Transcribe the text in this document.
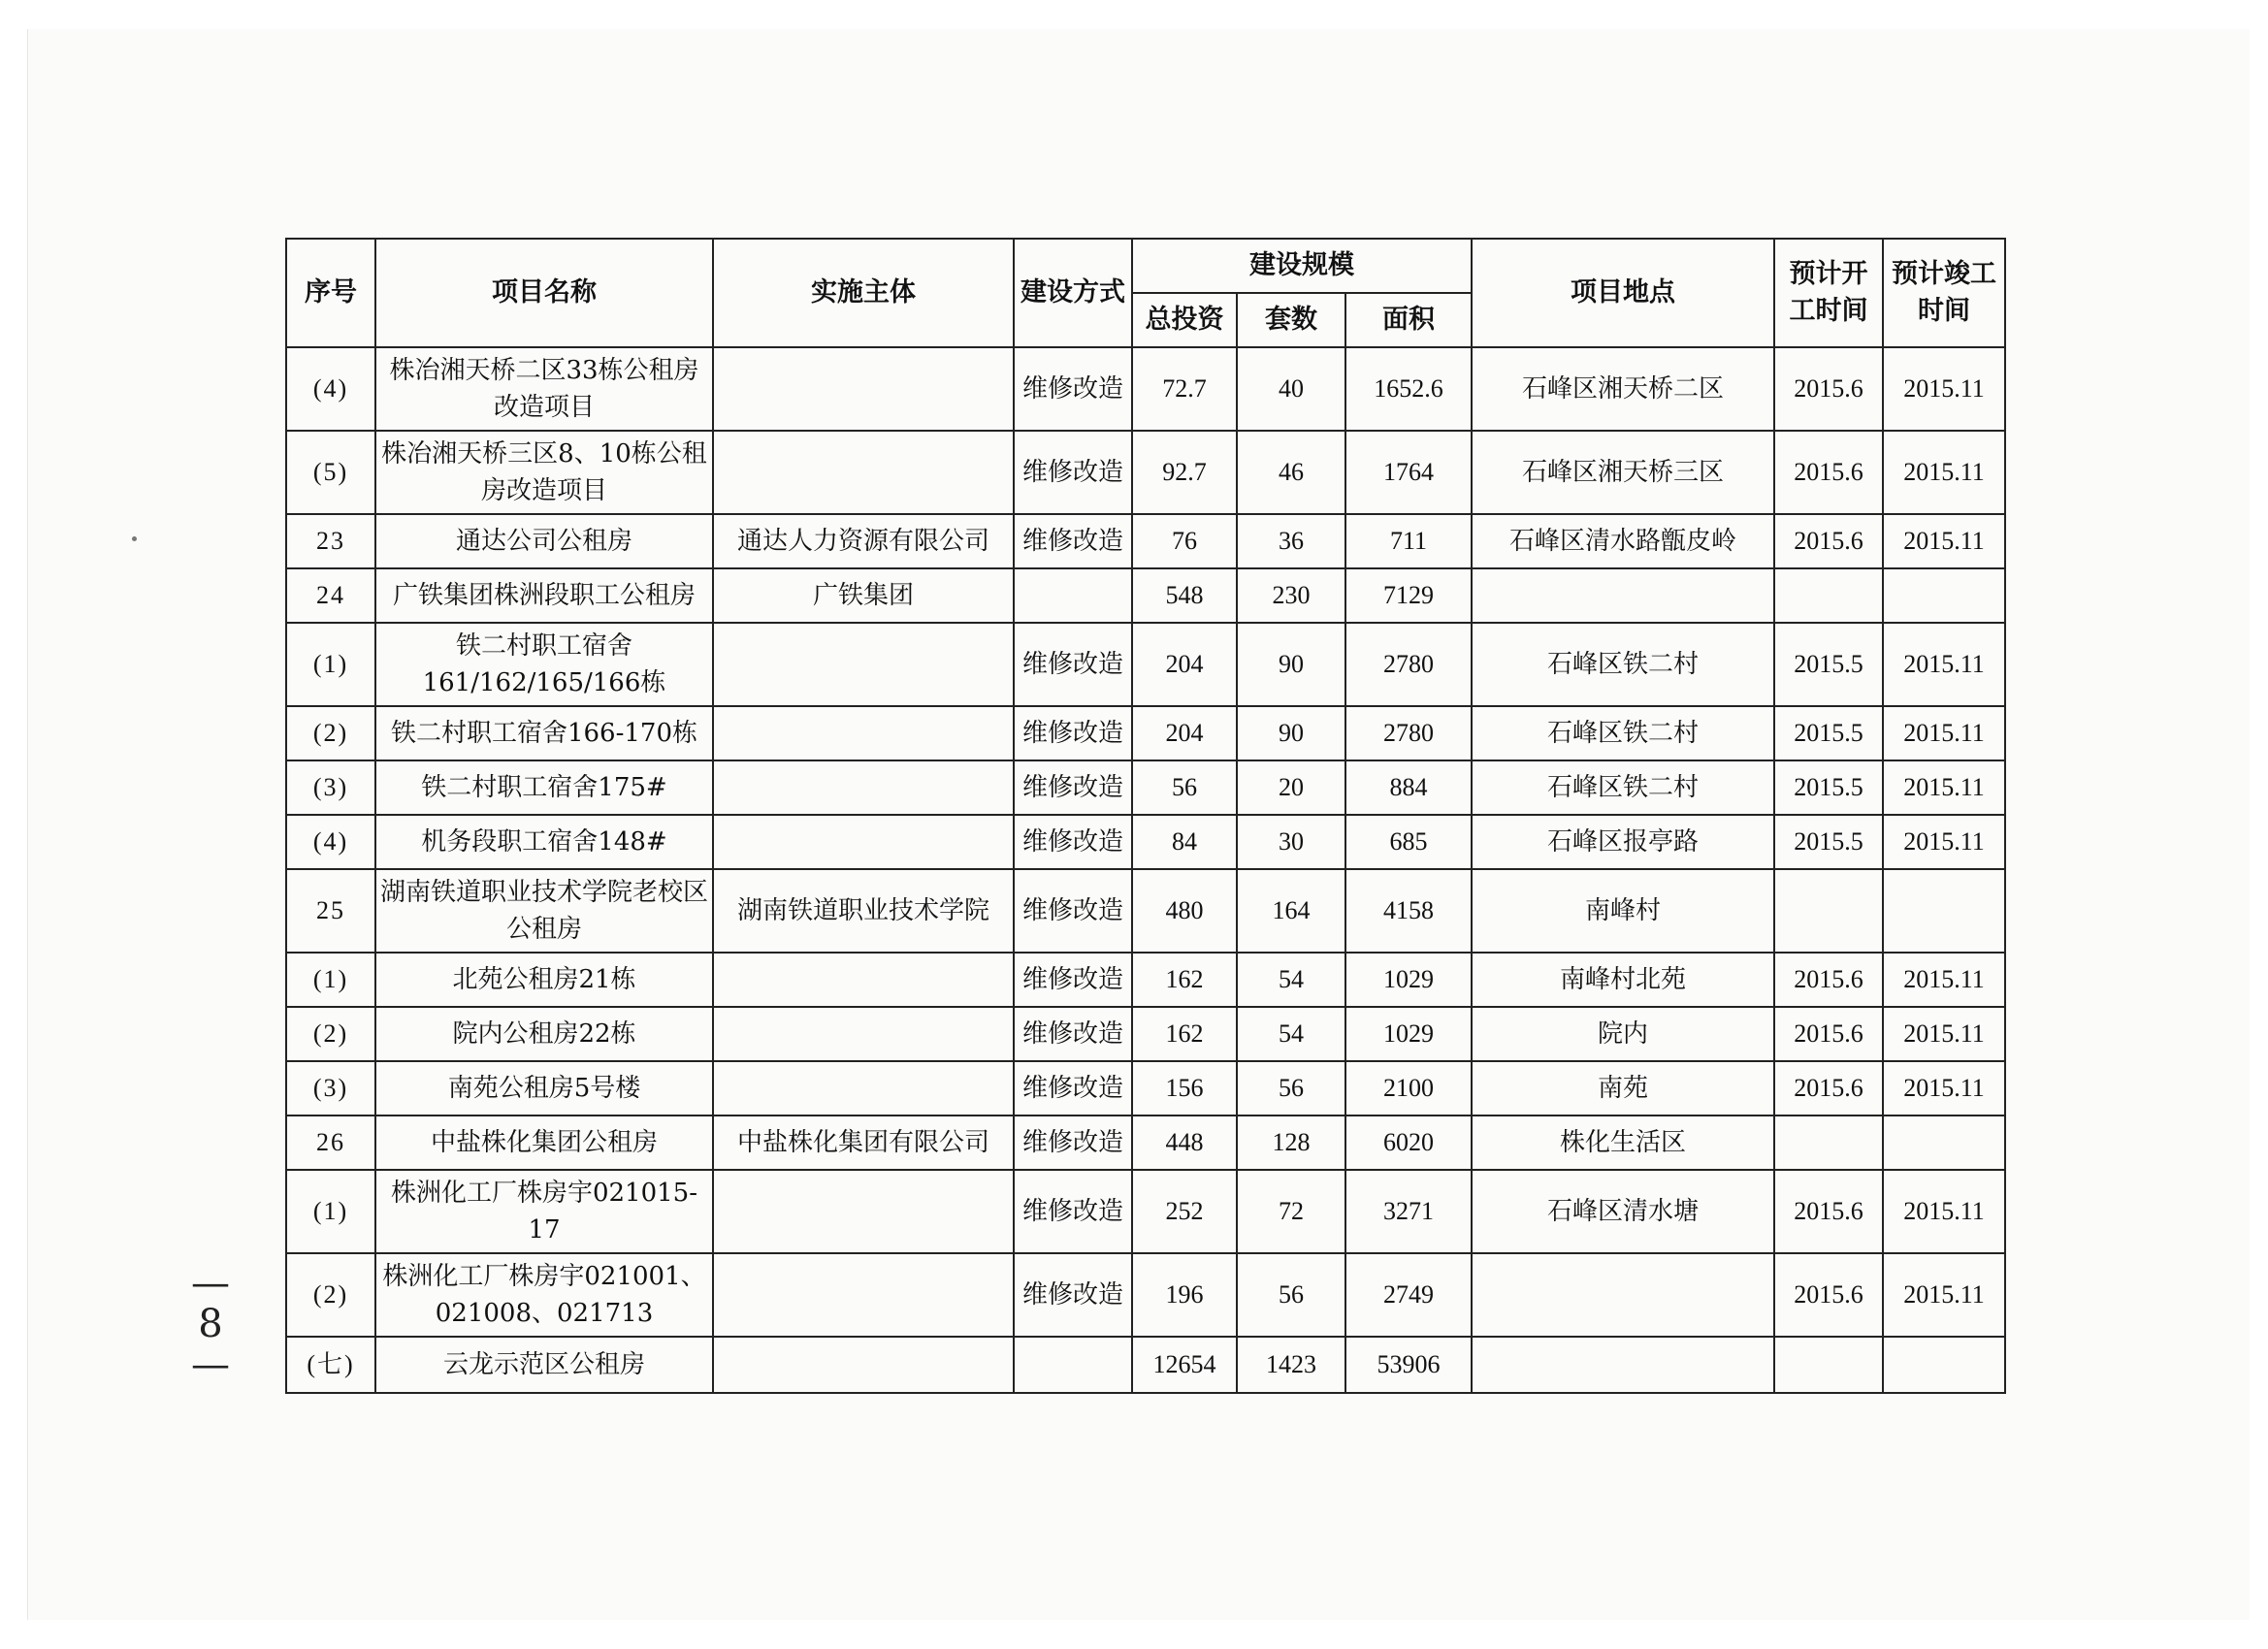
序号	项目名称	实施主体	建设方式	建设规模			项目地点	预计开工时间	预计竣工时间
				总投资	套数	面积			
(4)	株冶湘天桥二区33栋公租房改造项目		维修改造	72.7	40	1652.6	石峰区湘天桥二区	2015.6	2015.11
(5)	株冶湘天桥三区8、10栋公租房改造项目		维修改造	92.7	46	1764	石峰区湘天桥三区	2015.6	2015.11
23	通达公司公租房	通达人力资源有限公司	维修改造	76	36	711	石峰区清水路甑皮岭	2015.6	2015.11
24	广铁集团株洲段职工公租房	广铁集团		548	230	7129			
(1)	铁二村职工宿舍161/162/165/166栋		维修改造	204	90	2780	石峰区铁二村	2015.5	2015.11
(2)	铁二村职工宿舍166-170栋		维修改造	204	90	2780	石峰区铁二村	2015.5	2015.11
(3)	铁二村职工宿舍175#		维修改造	56	20	884	石峰区铁二村	2015.5	2015.11
(4)	机务段职工宿舍148#		维修改造	84	30	685	石峰区报亭路	2015.5	2015.11
25	湖南铁道职业技术学院老校区公租房	湖南铁道职业技术学院	维修改造	480	164	4158	南峰村		
(1)	北苑公租房21栋		维修改造	162	54	1029	南峰村北苑	2015.6	2015.11
(2)	院内公租房22栋		维修改造	162	54	1029	院内	2015.6	2015.11
(3)	南苑公租房5号楼		维修改造	156	56	2100	南苑	2015.6	2015.11
26	中盐株化集团公租房	中盐株化集团有限公司	维修改造	448	128	6020	株化生活区		
(1)	株洲化工厂株房宇021015-17		维修改造	252	72	3271	石峰区清水塘	2015.6	2015.11
(2)	株洲化工厂株房宇021001、021008、021713		维修改造	196	56	2749		2015.6	2015.11
(七)	云龙示范区公租房			12654	1423	53906			
—8—
